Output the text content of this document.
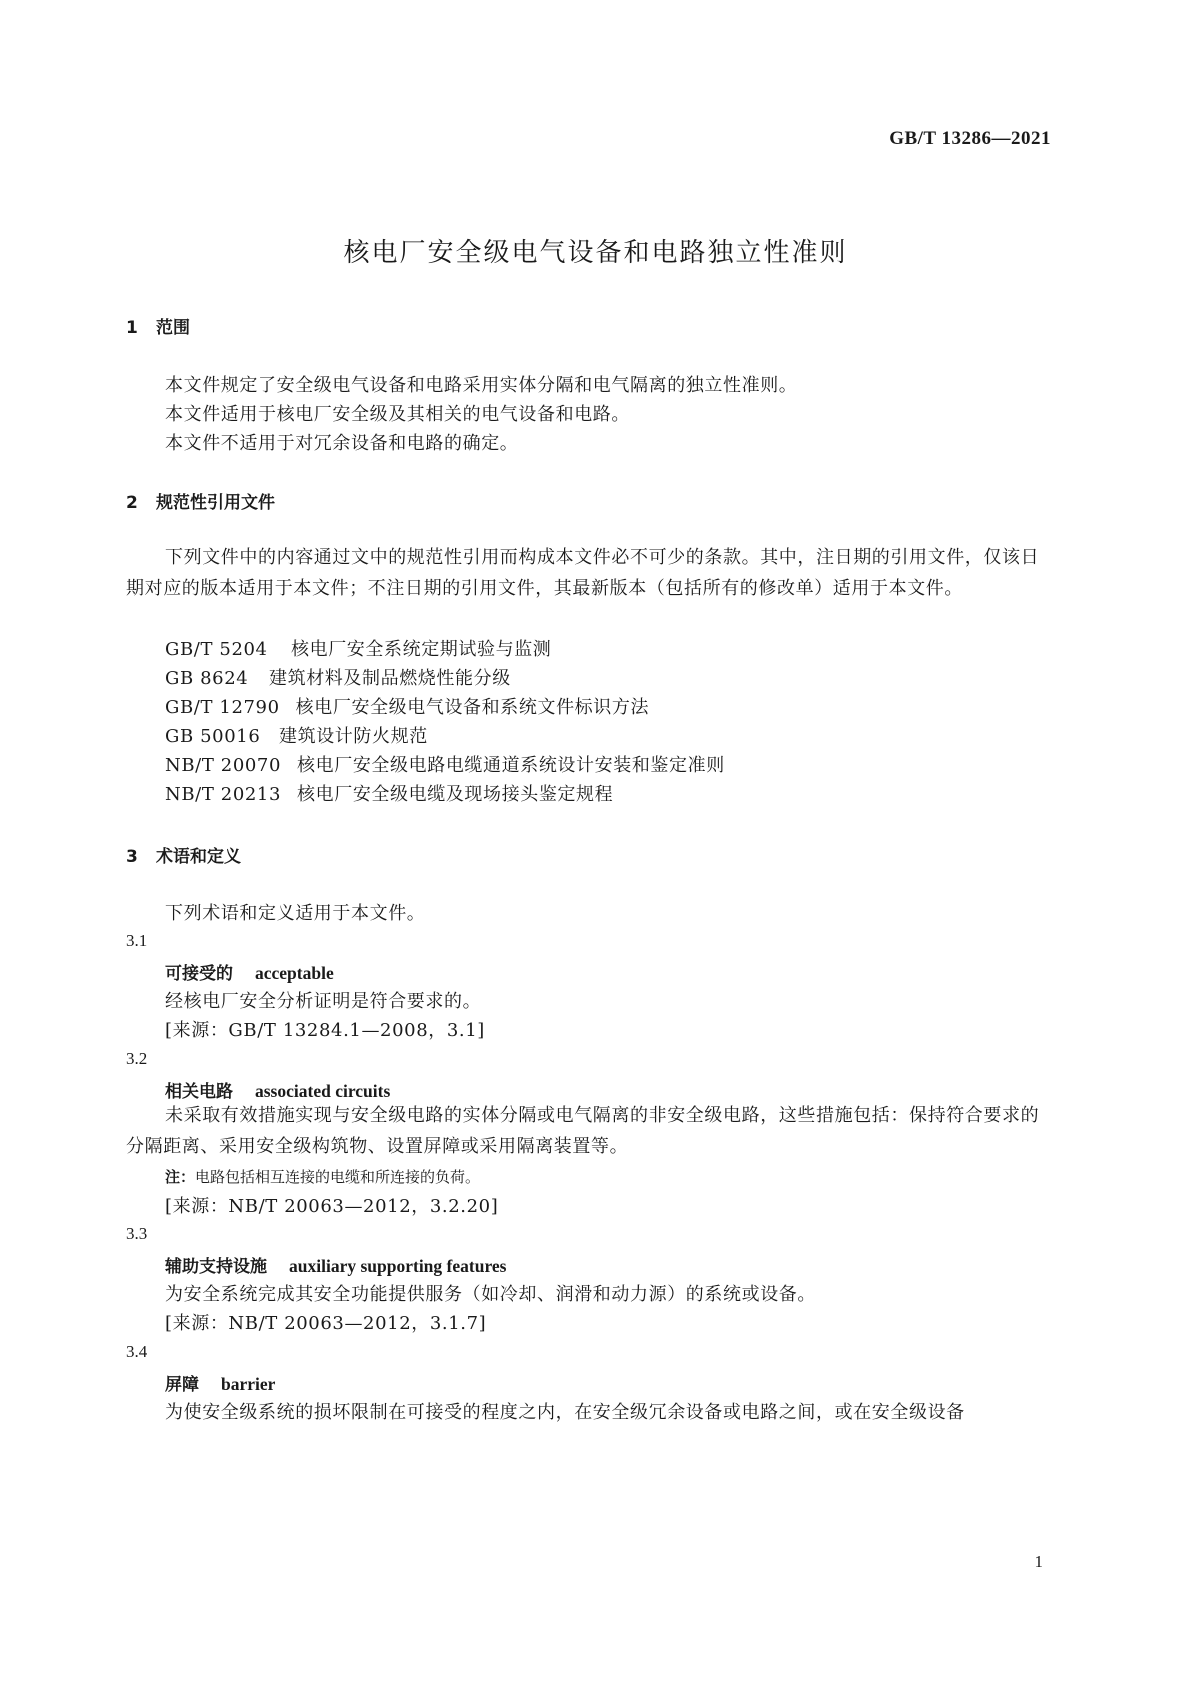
GB/T 13286—2021
核电厂安全级电气设备和电路独立性准则
1 范围
本文件规定了安全级电气设备和电路采用实体分隔和电气隔离的独立性准则。
本文件适用于核电厂安全级及其相关的电气设备和电路。
本文件不适用于对冗余设备和电路的确定。
2 规范性引用文件
下列文件中的内容通过文中的规范性引用而构成本文件必不可少的条款。其中，注日期的引用文件，仅该日期对应的版本适用于本文件；不注日期的引用文件，其最新版本（包括所有的修改单）适用于本文件。
GB/T 5204 核电厂安全系统定期试验与监测
GB 8624 建筑材料及制品燃烧性能分级
GB/T 12790 核电厂安全级电气设备和系统文件标识方法
GB 50016 建筑设计防火规范
NB/T 20070 核电厂安全级电路电缆通道系统设计安装和鉴定准则
NB/T 20213 核电厂安全级电缆及现场接头鉴定规程
3 术语和定义
下列术语和定义适用于本文件。
3.1
可接受的 acceptable
经核电厂安全分析证明是符合要求的。
[来源：GB/T 13284.1—2008，3.1]
3.2
相关电路 associated circuits
未采取有效措施实现与安全级电路的实体分隔或电气隔离的非安全级电路，这些措施包括：保持符合要求的分隔距离、采用安全级构筑物、设置屏障或采用隔离装置等。
注：电路包括相互连接的电缆和所连接的负荷。
[来源：NB/T 20063—2012，3.2.20]
3.3
辅助支持设施 auxiliary supporting features
为安全系统完成其安全功能提供服务（如冷却、润滑和动力源）的系统或设备。
[来源：NB/T 20063—2012，3.1.7]
3.4
屏障 barrier
为使安全级系统的损坏限制在可接受的程度之内，在安全级冗余设备或电路之间，或在安全级设备
1
